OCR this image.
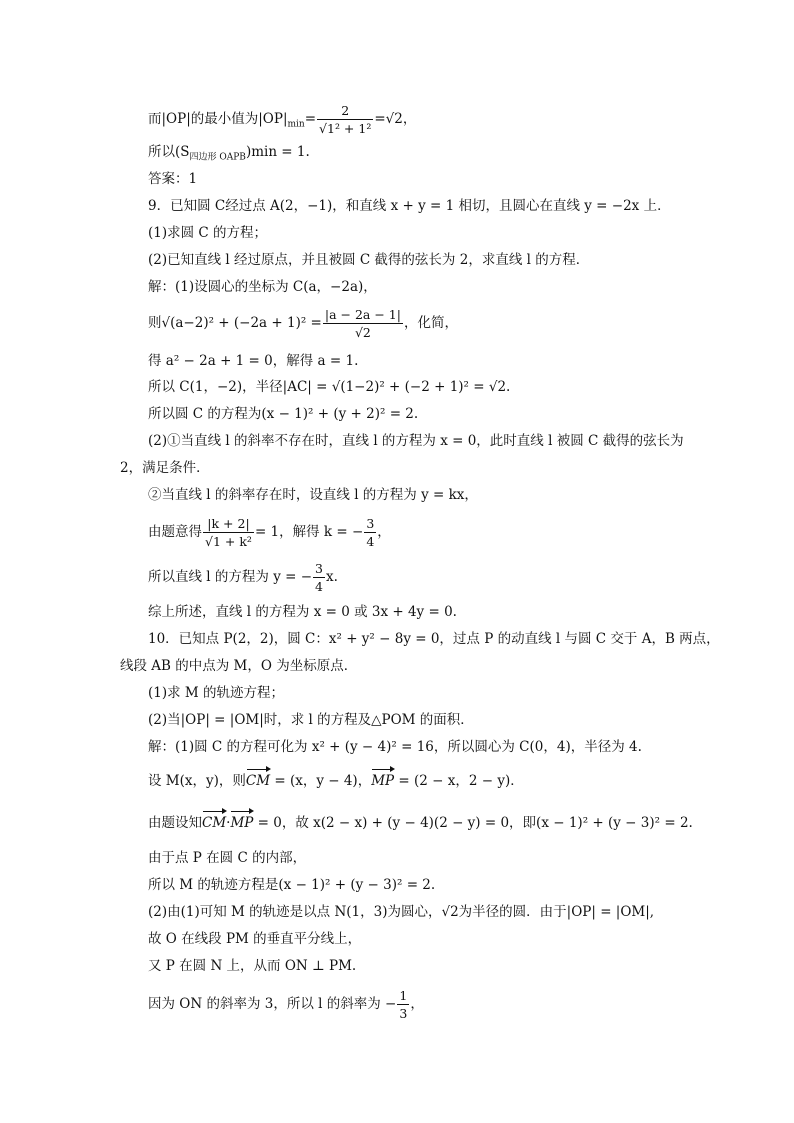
而|OP|的最小值为$|OP|_{min}= \frac{2}{\text{√1² + 1²}} =√2$，
所以$(S_{四边形 OAPB})\min = 1$.
答案：1
9．已知圆 C经过点 A(2，−1)，和直线 x + y = 1 相切，且圆心在直线 y = −2x 上．
(1)求圆 C 的方程；
(2)已知直线 l 经过原点，并且被圆 C 截得的弦长为 2，求直线 l 的方程．
解：(1)设圆心的坐标为 C(a，−2a)，
则$√(a-2)^2 + (-2a + 1)^2 = \frac{|a - 2a - 1|}{√2}$ ，化简，
得 a² − 2a + 1 = 0，解得 a = 1.
所以 C(1，−2)，半径|AC| = √(1−2)² + (−2 + 1)² = √2.
所以圆 C 的方程为(x − 1)² + (y + 2)² = 2.
(2)①当直线 l 的斜率不存在时，直线 l 的方程为 x = 0，此时直线 l 被圆 C 截得的弦长为
2，满足条件．
②当直线 l 的斜率存在时，设直线 l 的方程为 y = kx，
由题意得 $\frac{|k + 2|}{\text{√1 + k²}} = 1$，解得 k = − $\frac{3}{4}$ ，
所以直线 l 的方程为 y = − $\frac{3}{4} x$.
综上所述，直线 l 的方程为 x = 0 或 3x + 4y = 0.
10．已知点 P(2，2)，圆 C：x² + y² − 8y = 0，过点 P 的动直线 l 与圆 C 交于 A，B 两点，
线段 AB 的中点为 M，O 为坐标原点．
(1)求 M 的轨迹方程；
(2)当|OP| = |OM|时，求 l 的方程及△POM 的面积．
解：(1)圆 C 的方程可化为 x² + (y − 4)² = 16，所以圆心为 C(0，4)，半径为 4.
设 M(x，y)，则CM = (x，y − 4)，MP = (2 − x，2 − y)．
由题设知CM·MP = 0，故 x(2 − x) + (y − 4)(2 − y) = 0，即(x − 1)² + (y − 3)² = 2.
由于点 P 在圆 C 的内部，
所以 M 的轨迹方程是(x − 1)² + (y − 3)² = 2.
(2)由(1)可知 M 的轨迹是以点 N(1，3)为圆心，√2为半径的圆．由于|OP| = |OM|,
故 O 在线段 PM 的垂直平分线上，
又 P 在圆 N 上，从而 ON ⊥ PM.
因为 ON 的斜率为 3，所以 l 的斜率为 − $\frac{1}{3}$ ，
